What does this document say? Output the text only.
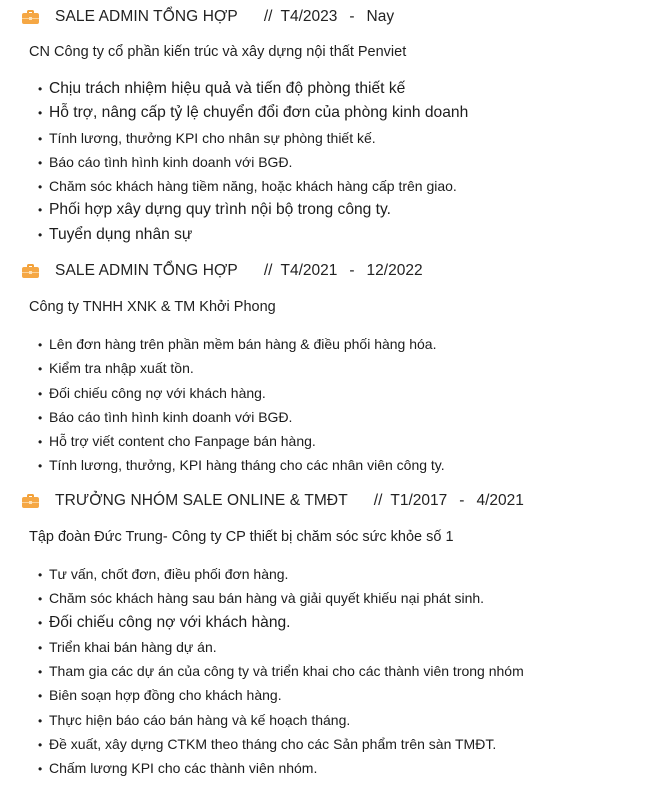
SALE ADMIN TỔNG HỢP // T4/2023 - Nay
CN Công ty cổ phần kiến trúc và xây dựng nội thất Penviet
• Chịu trách nhiệm hiệu quả và tiến độ phòng thiết kế
• Hỗ trợ, nâng cấp tỷ lệ chuyển đổi đơn của phòng kinh doanh
• Tính lương, thưởng KPI cho nhân sự phòng thiết kế.
• Báo cáo tình hình kinh doanh với BGĐ.
• Chăm sóc khách hàng tiềm năng, hoặc khách hàng cấp trên giao.
• Phối hợp xây dựng quy trình nội bộ trong công ty.
• Tuyển dụng nhân sự
SALE ADMIN TỔNG HỢP // T4/2021 - 12/2022
Công ty TNHH XNK & TM Khởi Phong
• Lên đơn hàng trên phần mềm bán hàng & điều phối hàng hóa.
• Kiểm tra nhập xuất tồn.
• Đối chiếu công nợ với khách hàng.
• Báo cáo tình hình kinh doanh với BGĐ.
• Hỗ trợ viết content cho Fanpage bán hàng.
• Tính lương, thưởng, KPI hàng tháng cho các nhân viên công ty.
TRƯỞNG NHÓM SALE ONLINE & TMĐT // T1/2017 - 4/2021
Tập đoàn Đức Trung- Công ty CP thiết bị chăm sóc sức khỏe số 1
• Tư vấn, chốt đơn, điều phối đơn hàng.
• Chăm sóc khách hàng sau bán hàng và giải quyết khiếu nại phát sinh.
• Đối chiếu công nợ với khách hàng.
• Triển khai bán hàng dự án.
• Tham gia các dự án của công ty và triển khai cho các thành viên trong nhóm
• Biên soạn hợp đồng cho khách hàng.
• Thực hiện báo cáo bán hàng và kế hoạch tháng.
• Đề xuất, xây dựng CTKM theo tháng cho các Sản phẩm trên sàn TMĐT.
• Chấm lương KPI cho các thành viên nhóm.
